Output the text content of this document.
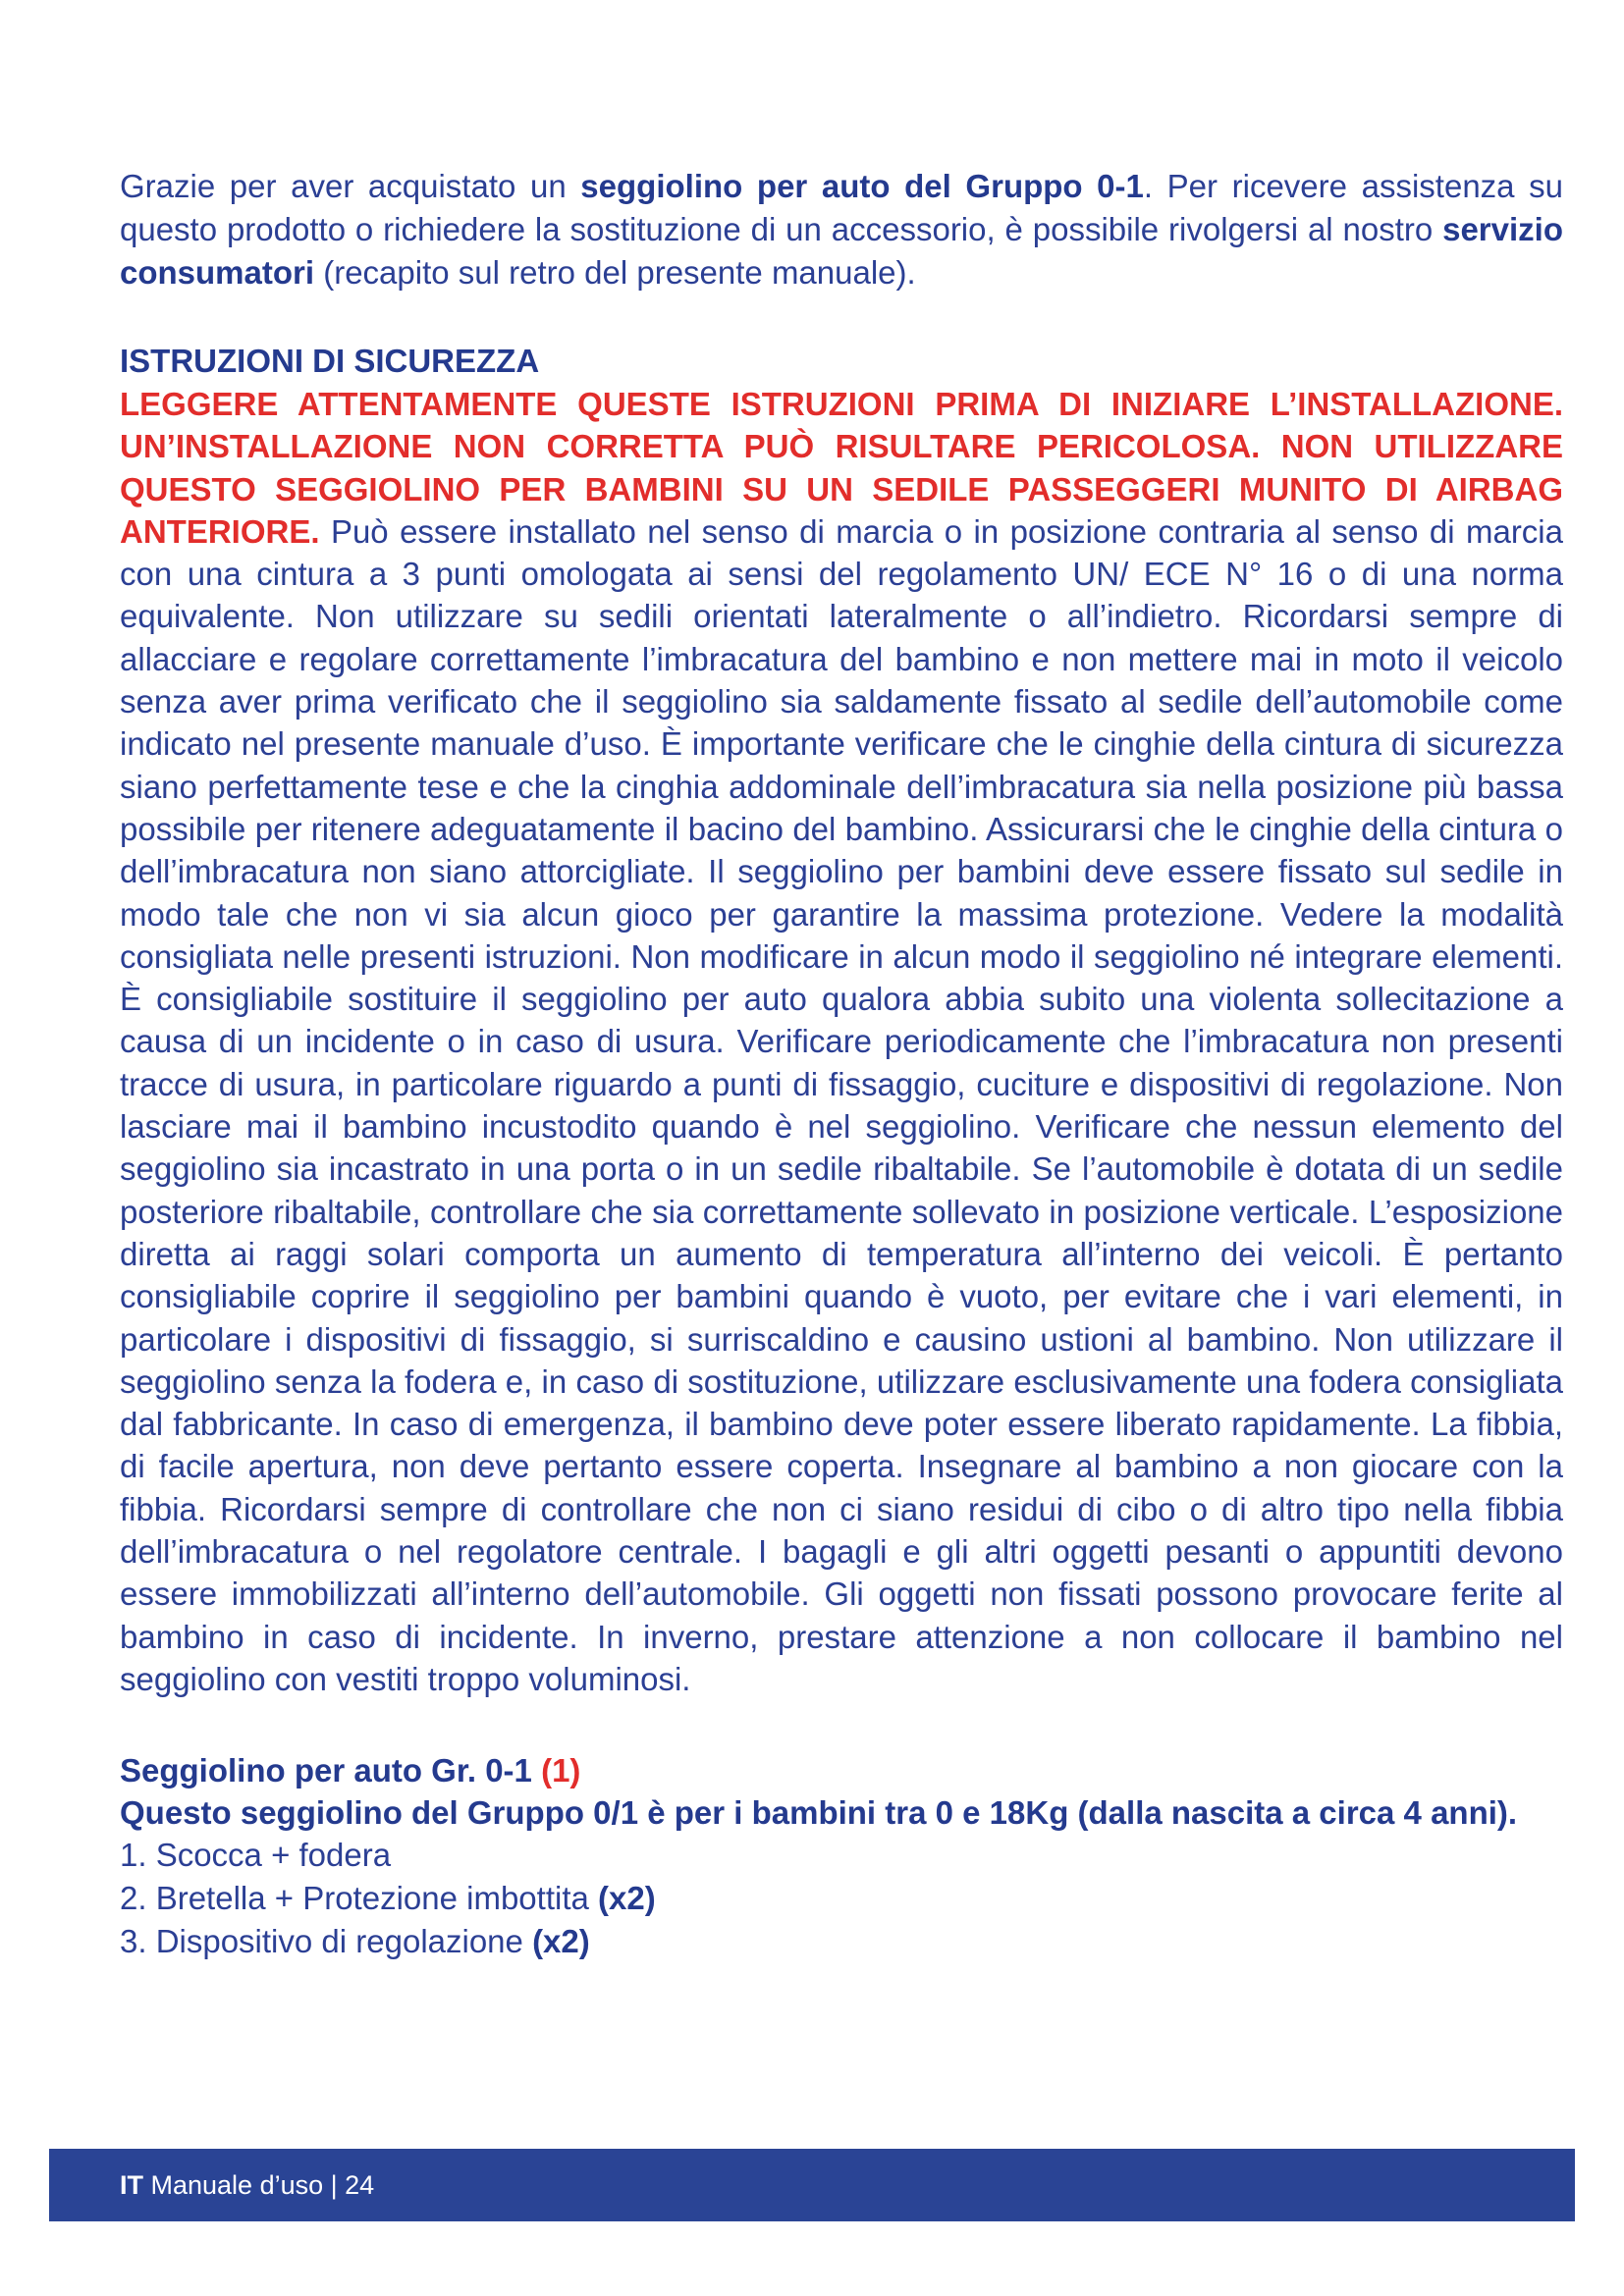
Grazie per aver acquistato un seggiolino per auto del Gruppo 0-1. Per ricevere assistenza su questo prodotto o richiedere la sostituzione di un accessorio, è possibile rivolgersi al nostro servizio consumatori (recapito sul retro del presente manuale).

ISTRUZIONI DI SICUREZZA

LEGGERE ATTENTAMENTE QUESTE ISTRUZIONI PRIMA DI INIZIARE L’INSTALLAZIONE. UN’INSTALLAZIONE NON CORRETTA PUÒ RISULTARE PERICOLOSA. NON UTILIZZARE QUESTO SEGGIOLINO PER BAMBINI SU UN SEDILE PASSEGGERI MUNITO DI AIRBAG ANTERIORE. Può essere installato nel senso di marcia o in posizione contraria al senso di marcia con una cintura a 3 punti omologata ai sensi del regolamento UN/ ECE N° 16 o di una norma equivalente. Non utilizzare su sedili orientati lateralmente o all’indietro. Ricordarsi sempre di allacciare e regolare correttamente l’imbracatura del bambino e non mettere mai in moto il veicolo senza aver prima verificato che il seggiolino sia saldamente fissato al sedile dell’automobile come indicato nel presente manuale d’uso. È importante verificare che le cinghie della cintura di sicurezza siano perfettamente tese e che la cinghia addominale dell’imbracatura sia nella posizione più bassa possibile per ritenere adeguatamente il bacino del bambino. Assicurarsi che le cinghie della cintura o dell’imbracatura non siano attorcigliate. Il seggiolino per bambini deve essere fissato sul sedile in modo tale che non vi sia alcun gioco per garantire la massima protezione. Vedere la modalità consigliata nelle presenti istruzioni. Non modificare in alcun modo il seggiolino né integrare elementi. È consigliabile sostituire il seggiolino per auto qualora abbia subito una violenta sollecitazione a causa di un incidente o in caso di usura. Verificare periodicamente che l’imbracatura non presenti tracce di usura, in particolare riguardo a punti di fissaggio, cuciture e dispositivi di regolazione. Non lasciare mai il bambino incustodito quando è nel seggiolino. Verificare che nessun elemento del seggiolino sia incastrato in una porta o in un sedile ribaltabile. Se l’automobile è dotata di un sedile posteriore ribaltabile, controllare che sia correttamente sollevato in posizione verticale. L’esposizione diretta ai raggi solari comporta un aumento di temperatura all’interno dei veicoli. È pertanto consigliabile coprire il seggiolino per bambini quando è vuoto, per evitare che i vari elementi, in particolare i dispositivi di fissaggio, si surriscaldino e causino ustioni al bambino. Non utilizzare il seggiolino senza la fodera e, in caso di sostituzione, utilizzare esclusivamente una fodera consigliata dal fabbricante. In caso di emergenza, il bambino deve poter essere liberato rapidamente. La fibbia, di facile apertura, non deve pertanto essere coperta. Insegnare al bambino a non giocare con la fibbia. Ricordarsi sempre di controllare che non ci siano residui di cibo o di altro tipo nella fibbia dell’imbracatura o nel regolatore centrale. I bagagli e gli altri oggetti pesanti o appuntiti devono essere immobilizzati all’interno dell’automobile. Gli oggetti non fissati possono provocare ferite al bambino in caso di incidente. In inverno, prestare attenzione a non collocare il bambino nel seggiolino con vestiti troppo voluminosi.

Seggiolino per auto Gr. 0-1 (1)

Questo seggiolino del Gruppo 0/1 è per i bambini tra 0 e 18Kg (dalla nascita a circa 4 anni).

1. Scocca + fodera
2. Bretella + Protezione imbottita (x2)
3. Dispositivo di regolazione (x2)
IT Manuale d’uso | 24
